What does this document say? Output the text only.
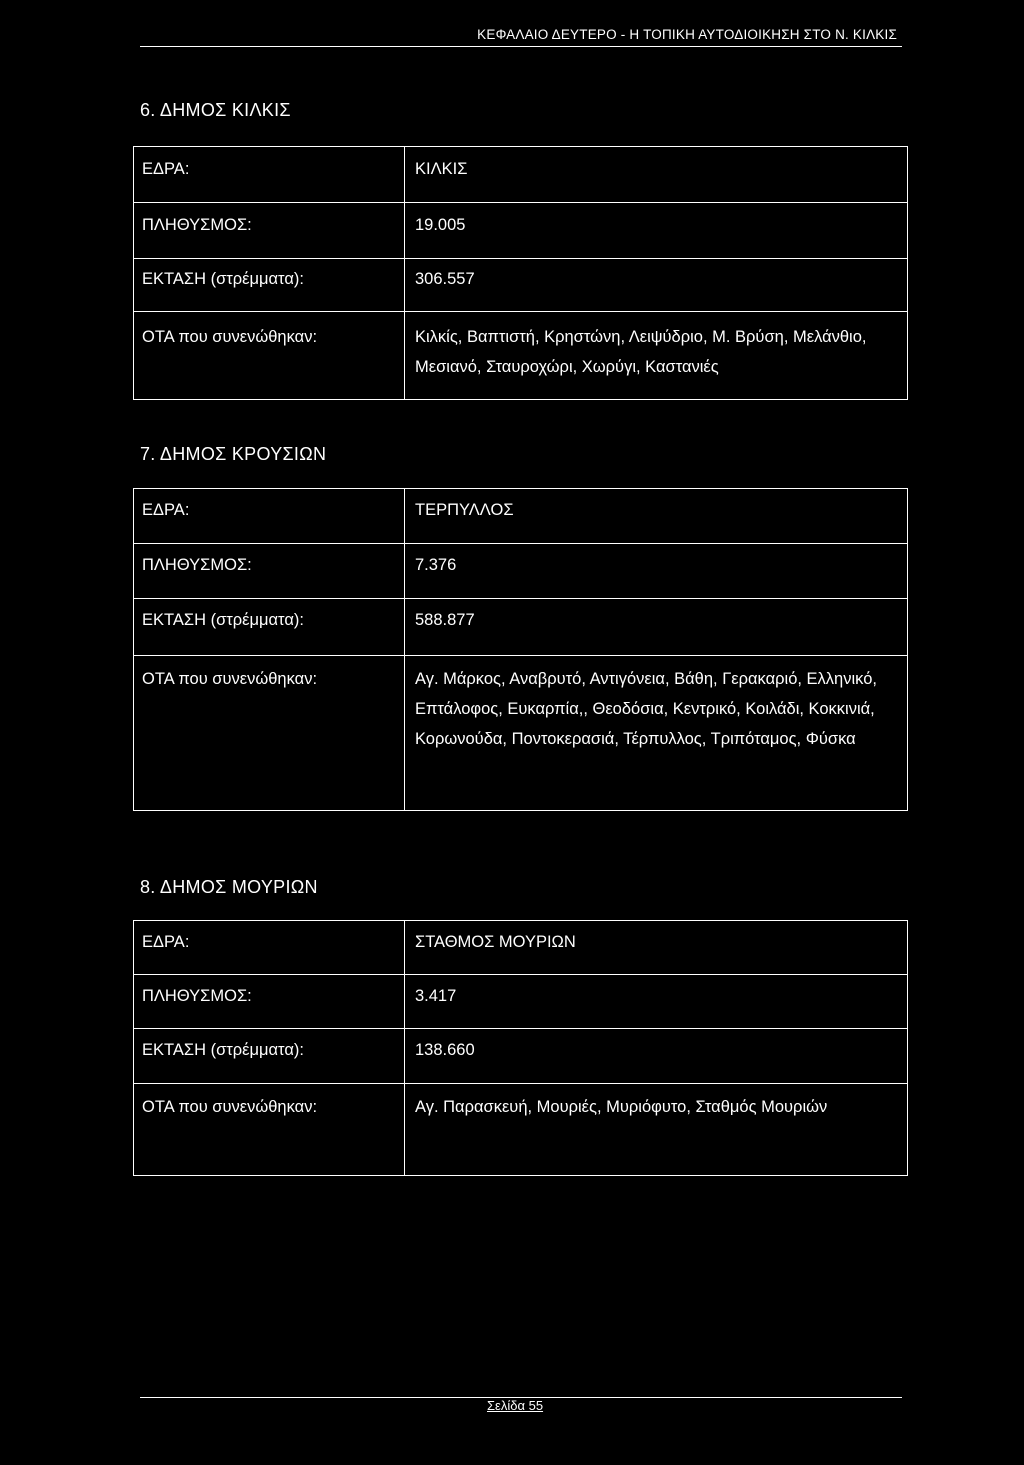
ΚΕΦΑΛΑΙΟ ΔΕΥΤΕΡΟ - Η ΤΟΠΙΚΗ ΑΥΤΟΔΙΟΙΚΗΣΗ ΣΤΟ Ν. ΚΙΛΚΙΣ
6. ΔΗΜΟΣ ΚΙΛΚΙΣ
ΕΔΡΑ:	ΚΙΛΚΙΣ
ΠΛΗΘΥΣΜΟΣ:	19.005
ΕΚΤΑΣΗ (στρέμματα):	306.557
ΟΤΑ που συνενώθηκαν:	Κιλκίς, Βαπτιστή, Κρηστώνη, Λειψύδριο, Μ. Βρύση, Μελάνθιο, Μεσιανό, Σταυροχώρι, Χωρύγι, Καστανιές
7. ΔΗΜΟΣ ΚΡΟΥΣΙΩΝ
ΕΔΡΑ:	ΤΕΡΠΥΛΛΟΣ
ΠΛΗΘΥΣΜΟΣ:	7.376
ΕΚΤΑΣΗ (στρέμματα):	588.877
ΟΤΑ που συνενώθηκαν:	Αγ. Μάρκος, Αναβρυτό, Αντιγόνεια, Βάθη, Γερακαριό, Ελληνικό, Επτάλοφος, Ευκαρπία,, Θεοδόσια, Κεντρικό, Κοιλάδι, Κοκκινιά, Κορωνούδα, Ποντοκερασιά, Τέρπυλλος, Τριπόταμος, Φύσκα
8. ΔΗΜΟΣ ΜΟΥΡΙΩΝ
ΕΔΡΑ:	ΣΤΑΘΜΟΣ ΜΟΥΡΙΩΝ
ΠΛΗΘΥΣΜΟΣ:	3.417
ΕΚΤΑΣΗ (στρέμματα):	138.660
ΟΤΑ που συνενώθηκαν:	Αγ. Παρασκευή, Μουριές, Μυριόφυτο, Σταθμός Μουριών
Σελίδα 55
